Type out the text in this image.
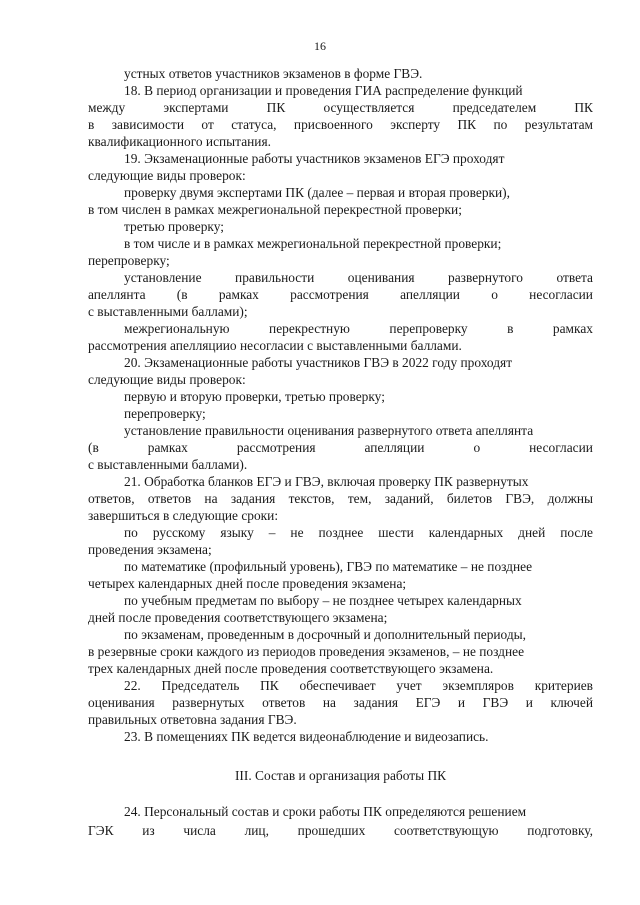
16
устных ответов участников экзаменов в форме ГВЭ.
18. В период организации и проведения ГИА распределение функций
между	экспертами	ПК	осуществляется	председателем	ПК
в зависимости от статуса, присвоенного эксперту ПК по результатам
квалификационного испытания.
19. Экзаменационные работы участников экзаменов ЕГЭ проходят
следующие виды проверок:
проверку двумя экспертами ПК (далее – первая и вторая проверки),
в том числен в рамках межрегиональной перекрестной проверки;
третью проверку;
в том числе и в рамках межрегиональной перекрестной проверки;
перепроверку;
установление	правильности	оценивания	развернутого	ответа
апеллянта (в рамках рассмотрения апелляции о несогласии
с выставленными баллами);
межрегиональную	перекрестную	перепроверку	в	рамках
рассмотрения апелляциио несогласии с выставленными баллами.
20. Экзаменационные работы участников ГВЭ в 2022 году проходят
следующие виды проверок:
первую и вторую проверки, третью проверку;
перепроверку;
установление правильности оценивания развернутого ответа апеллянта
(в	рамках	рассмотрения	апелляции	о	несогласии
с выставленными баллами).
21. Обработка бланков ЕГЭ и ГВЭ, включая проверку ПК развернутых
ответов, ответов на задания текстов, тем, заданий, билетов ГВЭ, должны
завершиться в следующие сроки:
по русскому языку – не позднее шести календарных дней после
проведения экзамена;
по математике (профильный уровень), ГВЭ по математике – не позднее
четырех календарных дней после проведения экзамена;
по учебным предметам по выбору – не позднее четырех календарных
дней после проведения соответствующего экзамена;
по экзаменам, проведенным в досрочный и дополнительный периоды,
в резервные сроки каждого из периодов проведения экзаменов, – не позднее
трех календарных дней после проведения соответствующего экзамена.
22. Председатель ПК обеспечивает учет экземпляров критериев
оценивания развернутых ответов на задания ЕГЭ и ГВЭ и ключей
правильных ответовна задания ГВЭ.
23. В помещениях ПК ведется видеонаблюдение и видеозапись.
III. Состав и организация работы ПК
24. Персональный состав и сроки работы ПК определяются решением
ГЭК из числа лиц, прошедших соответствующую подготовку,
